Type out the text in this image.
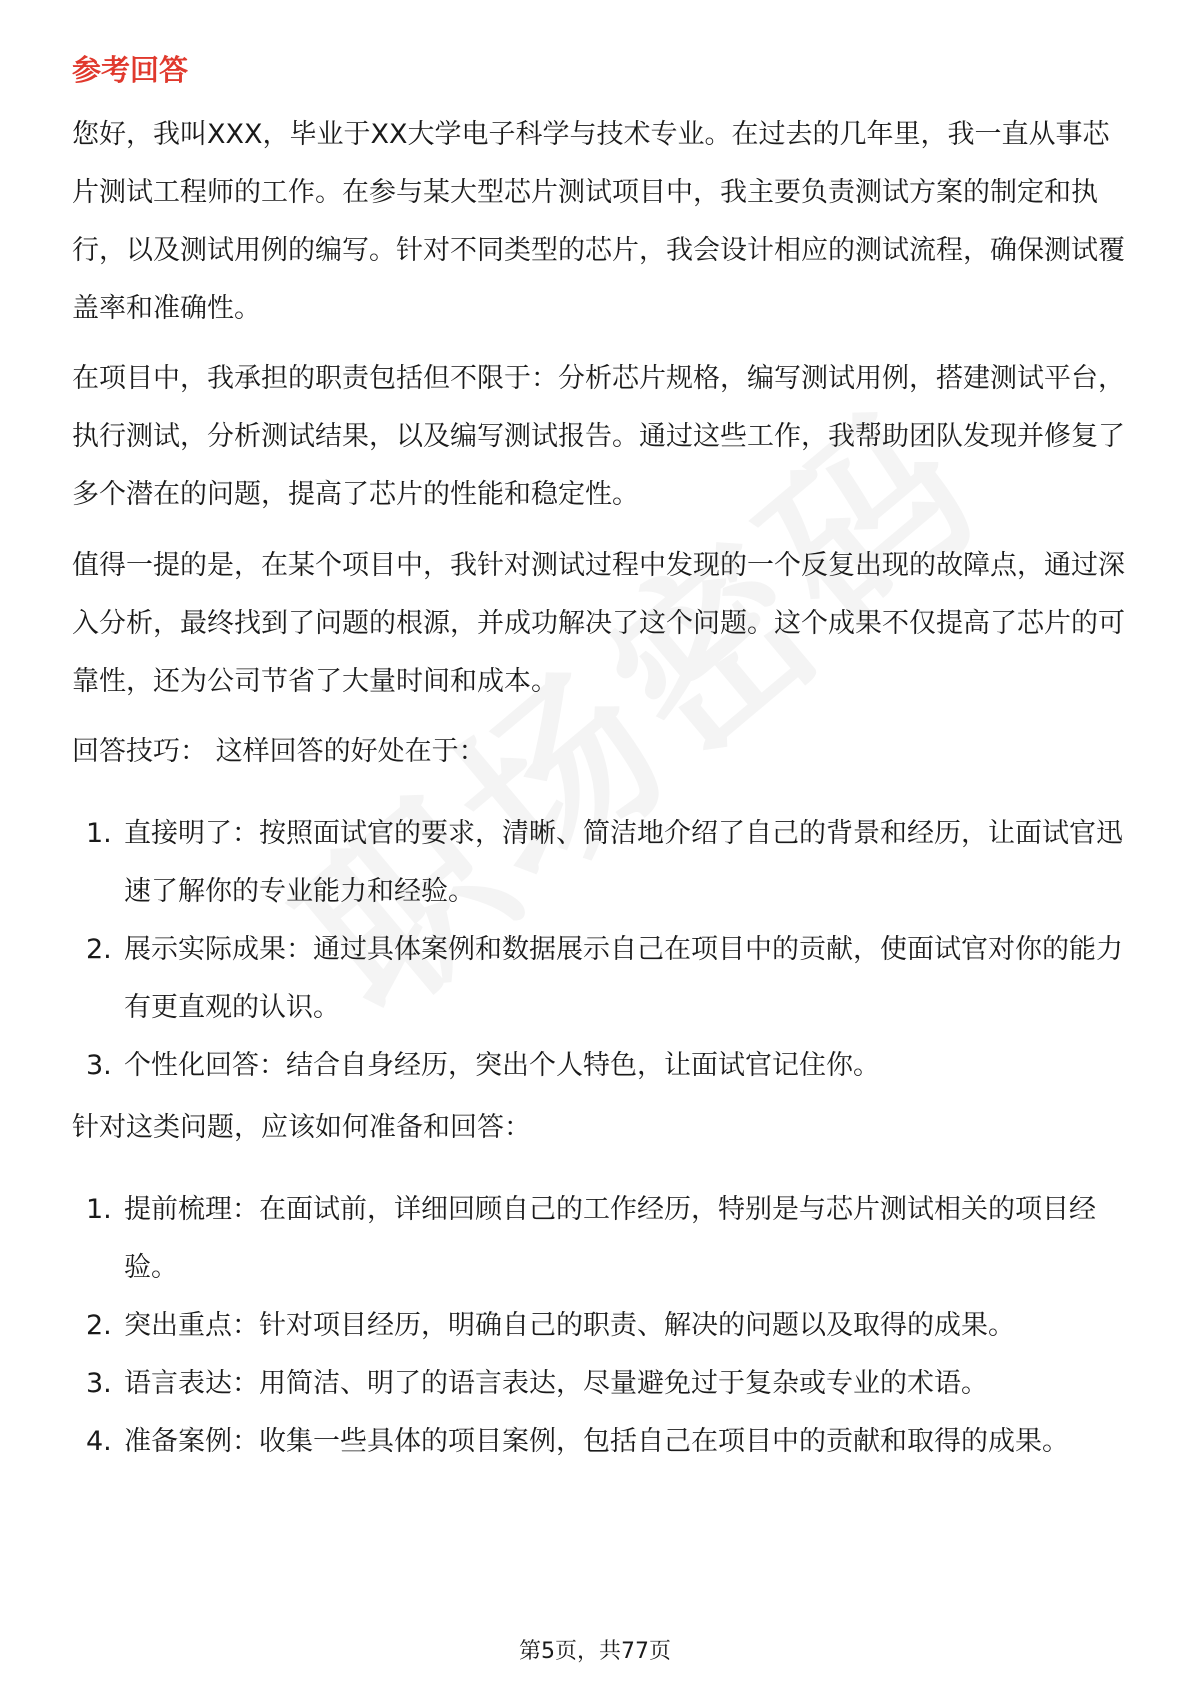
参考回答

您好，我叫XXX，毕业于XX大学电子科学与技术专业。在过去的几年里，我一直从事芯片测试工程师的工作。在参与某大型芯片测试项目中，我主要负责测试方案的制定和执行，以及测试用例的编写。针对不同类型的芯片，我会设计相应的测试流程，确保测试覆盖率和准确性。

在项目中，我承担的职责包括但不限于：分析芯片规格，编写测试用例，搭建测试平台，执行测试，分析测试结果，以及编写测试报告。通过这些工作，我帮助团队发现并修复了多个潜在的问题，提高了芯片的性能和稳定性。

值得一提的是，在某个项目中，我针对测试过程中发现的一个反复出现的故障点，通过深入分析，最终找到了问题的根源，并成功解决了这个问题。这个成果不仅提高了芯片的可靠性，还为公司节省了大量时间和成本。

回答技巧： 这样回答的好处在于：

1. 直接明了：按照面试官的要求，清晰、简洁地介绍了自己的背景和经历，让面试官迅速了解你的专业能力和经验。
2. 展示实际成果：通过具体案例和数据展示自己在项目中的贡献，使面试官对你的能力有更直观的认识。
3. 个性化回答：结合自身经历，突出个人特色，让面试官记住你。

针对这类问题，应该如何准备和回答：

1. 提前梳理：在面试前，详细回顾自己的工作经历，特别是与芯片测试相关的项目经验。
2. 突出重点：针对项目经历，明确自己的职责、解决的问题以及取得的成果。
3. 语言表达：用简洁、明了的语言表达，尽量避免过于复杂或专业的术语。
4. 准备案例：收集一些具体的项目案例，包括自己在项目中的贡献和取得的成果。
第5页，共77页
